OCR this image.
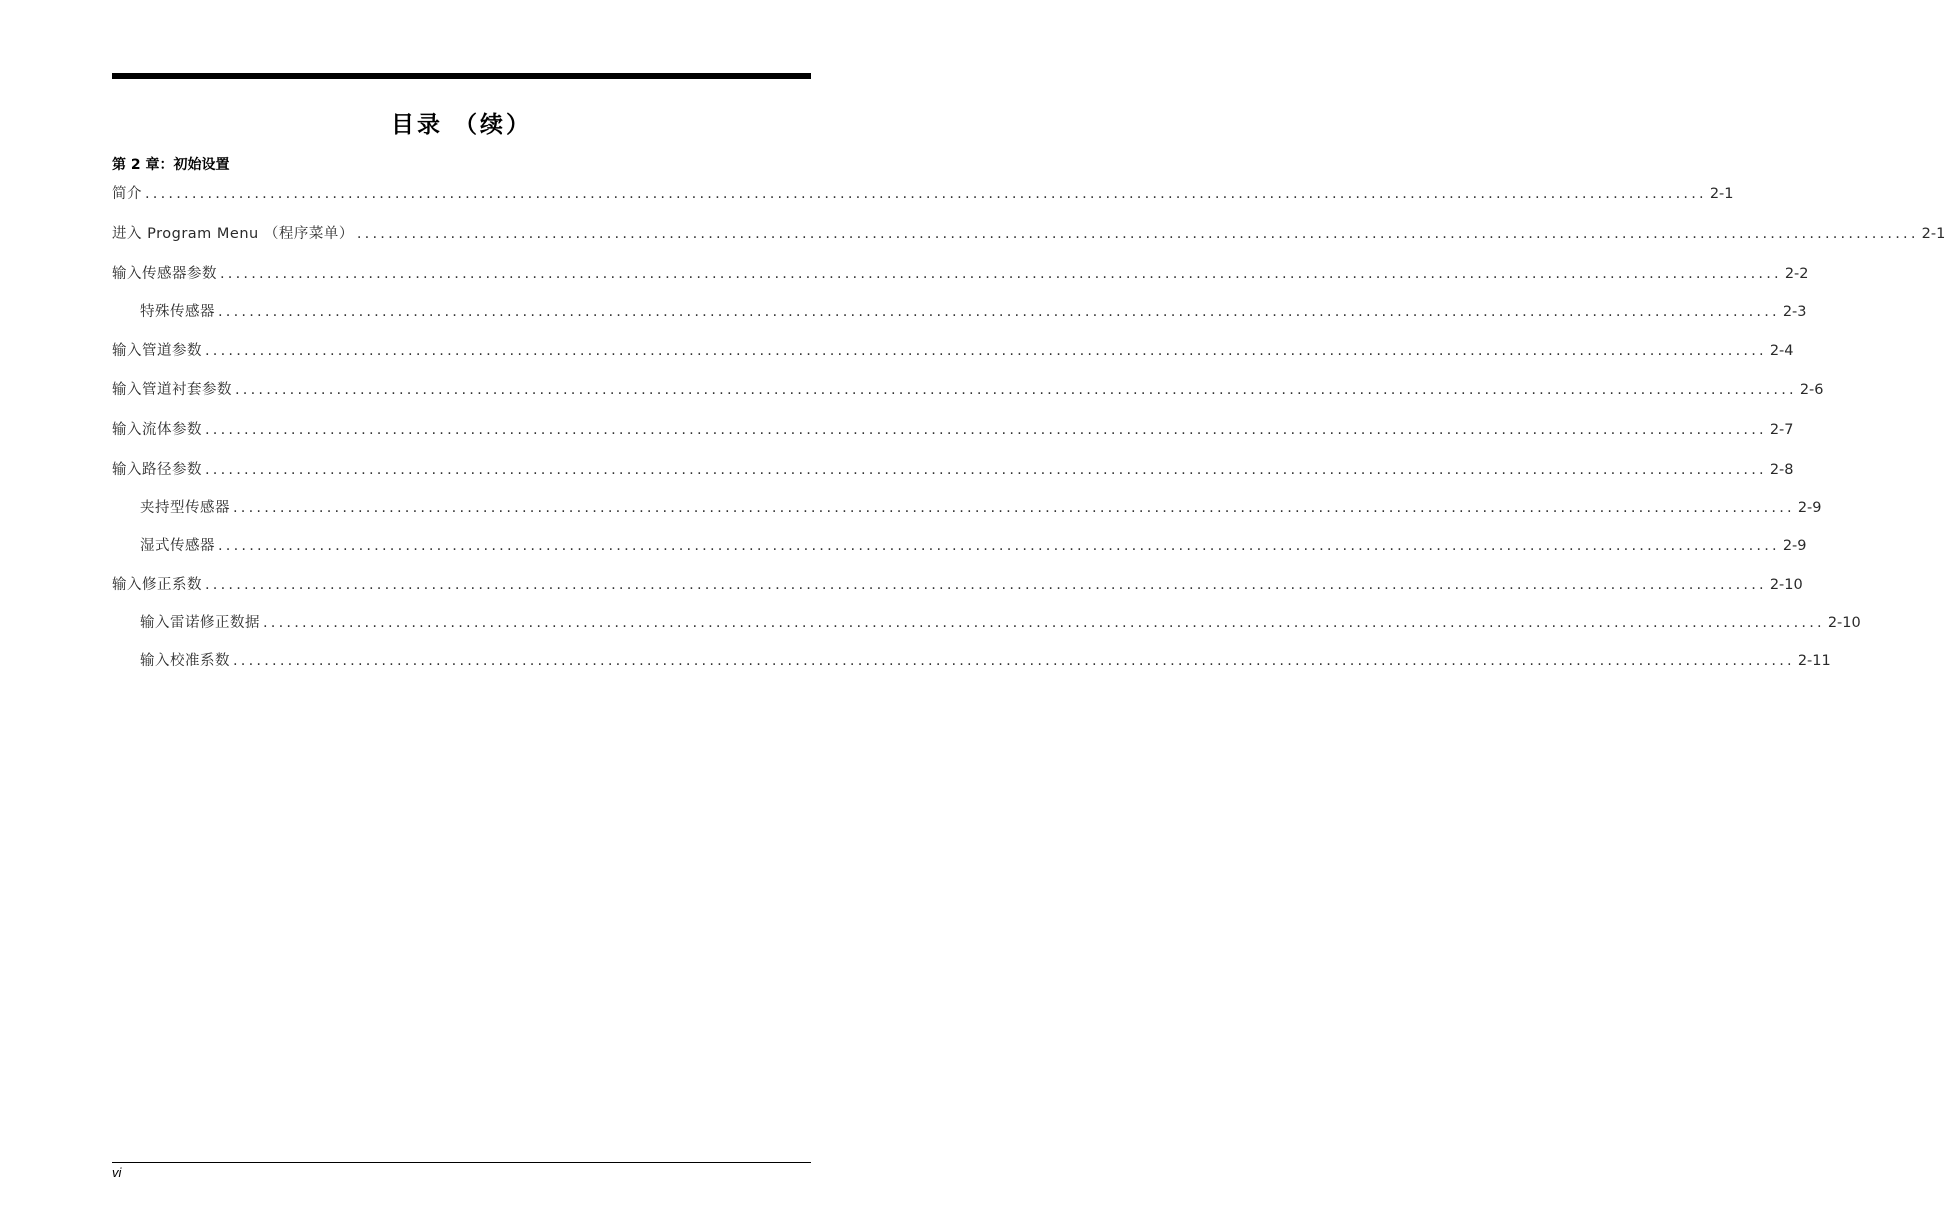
目录 （续）
第 2 章：初始设置
简介 ........................................................................................................................................................................................................ 2-1
进入 Program Menu （程序菜单） ........................................................................................................................................................................................................ 2-1
输入传感器参数 ........................................................................................................................................................................................................ 2-2
特殊传感器 ........................................................................................................................................................................................................ 2-3
输入管道参数 ........................................................................................................................................................................................................ 2-4
输入管道衬套参数 ........................................................................................................................................................................................................ 2-6
输入流体参数 ........................................................................................................................................................................................................ 2-7
输入路径参数 ........................................................................................................................................................................................................ 2-8
夹持型传感器 ........................................................................................................................................................................................................ 2-9
湿式传感器 ........................................................................................................................................................................................................ 2-9
输入修正系数 ........................................................................................................................................................................................................ 2-10
输入雷诺修正数据 ........................................................................................................................................................................................................ 2-10
输入校准系数 ........................................................................................................................................................................................................ 2-11
vi
